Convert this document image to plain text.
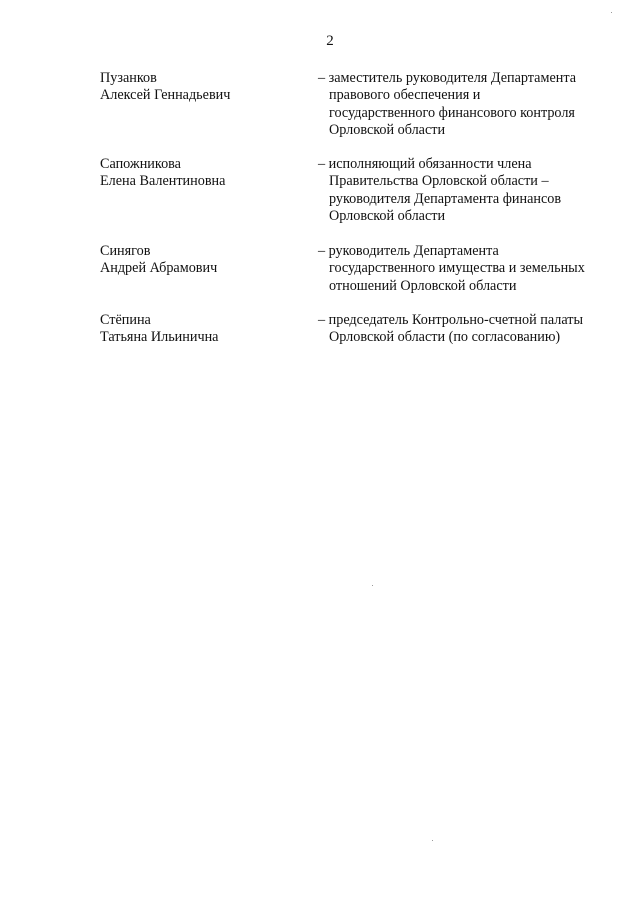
2
Пузанков
Алексей Геннадьевич
– заместитель руководителя Департамента
правового обеспечения и
государственного финансового контроля
Орловской области
Сапожникова
Елена Валентиновна
– исполняющий обязанности члена
Правительства Орловской области –
руководителя Департамента финансов
Орловской области
Синягов
Андрей Абрамович
– руководитель Департамента
государственного имущества и земельных
отношений Орловской области
Стёпина
Татьяна Ильинична
– председатель Контрольно-счетной палаты
Орловской области (по согласованию)
